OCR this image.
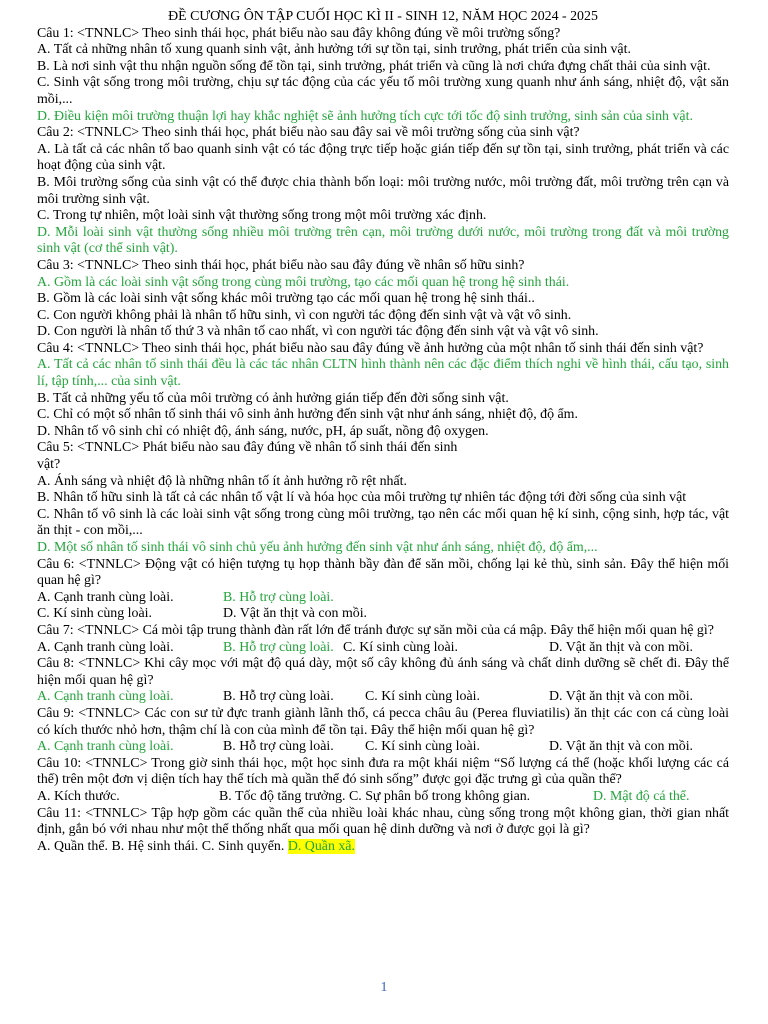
ĐỀ CƯƠNG ÔN TẬP CUỐI HỌC KÌ II - SINH 12, NĂM HỌC 2024 - 2025
Câu 1: <TNNLC> Theo sinh thái học, phát biểu nào sau đây không đúng về môi trường sống?
A. Tất cả những nhân tố xung quanh sinh vật, ảnh hưởng tới sự tồn tại, sinh trưởng, phát triển của sinh vật.
B. Là nơi sinh vật thu nhận nguồn sống để tồn tại, sinh trưởng, phát triển và cũng là nơi chứa đựng chất thải của sinh vật.
C. Sinh vật sống trong môi trường, chịu sự tác động của các yếu tố môi trường xung quanh như ánh sáng, nhiệt độ, vật săn mồi,...
D. Điều kiện môi trường thuận lợi hay khắc nghiệt sẽ ảnh hưởng tích cực tới tốc độ sinh trưởng, sinh sản của sinh vật.
Câu 2: <TNNLC> Theo sinh thái học, phát biểu nào sau đây sai về môi trường sống của sinh vật?
A. Là tất cả các nhân tố bao quanh sinh vật có tác động trực tiếp hoặc gián tiếp đến sự tồn tại, sinh trưởng, phát triển và các hoạt động của sinh vật.
B. Môi trường sống của sinh vật có thể được chia thành bốn loại: môi trường nước, môi trường đất, môi trường trên cạn và môi trường sinh vật.
C. Trong tự nhiên, một loài sinh vật thường sống trong một môi trường xác định.
D. Mỗi loài sinh vật thường sống nhiều môi trường trên cạn, môi trường dưới nước, môi trường trong đất và môi trường sinh vật (cơ thể sinh vật).
Câu 3: <TNNLC> Theo sinh thái học, phát biểu nào sau đây đúng về nhân số hữu sinh?
A. Gồm là các loài sinh vật sống trong cùng môi trường, tạo các mối quan hệ trong hệ sinh thái.
B. Gồm là các loài sinh vật sống khác môi trường tạo các mối quan hệ trong hệ sinh thái..
C. Con người không phải là nhân tố hữu sinh, vì con người tác động đến sinh vật và vật vô sinh.
D. Con người là nhân tố thứ 3 và nhân tố cao nhất, vì con người tác động đến sinh vật và vật vô sinh.
Câu 4: <TNNLC> Theo sinh thái học, phát biểu nào sau đây đúng về ảnh hưởng của một nhân tố sinh thái đến sinh vật?
A. Tất cả các nhân tố sinh thái đều là các tác nhân CLTN hình thành nên các đặc điểm thích nghi về hình thái, cấu tạo, sinh lí, tập tính,... của sinh vật.
B. Tất cả những yếu tố của môi trường có ảnh hưởng gián tiếp đến đời sống sinh vật.
C. Chỉ có một số nhân tố sinh thái vô sinh ảnh hưởng đến sinh vật như ánh sáng, nhiệt độ, độ ẩm.
D. Nhân tố vô sinh chỉ có nhiệt độ, ánh sáng, nước, pH, áp suất, nồng độ oxygen.
Câu 5: <TNNLC> Phát biểu nào sau đây đúng về nhân tố sinh thái đến sinh
vật?
A. Ánh sáng và nhiệt độ là những nhân tố ít ảnh hưởng rõ rệt nhất.
B. Nhân tố hữu sinh là tất cả các nhân tố vật lí và hóa học của môi trường tự nhiên tác động tới đời sống của sinh vật
C. Nhân tố vô sinh là các loài sinh vật sống trong cùng môi trường, tạo nên các mối quan hệ kí sinh, cộng sinh, hợp tác, vật ăn thịt - con mồi,...
D. Một số nhân tố sinh thái vô sinh chủ yếu ảnh hưởng đến sinh vật như ánh sáng, nhiệt độ, độ ẩm,...
Câu 6: <TNNLC> Động vật có hiện tượng tụ họp thành bầy đàn để săn mồi, chống lại kẻ thù, sinh sản. Đây thể hiện mối quan hệ gì?
A. Cạnh tranh cùng loài.	B. Hỗ trợ cùng loài.
C. Kí sinh cùng loài.	D. Vật ăn thịt và con mồi.
Câu 7: <TNNLC> Cá mòi tập trung thành đàn rất lớn để tránh được sự săn mồi của cá mập. Đây thể hiện mối quan hệ gì?
A. Cạnh tranh cùng loài.	B. Hỗ trợ cùng loài. C. Kí sinh cùng loài.	D. Vật ăn thịt và con mồi.
Câu 8: <TNNLC> Khi cây mọc với mật độ quá dày, một số cây không đủ ánh sáng và chất dinh dưỡng sẽ chết đi. Đây thể hiện mối quan hệ gì?
A. Cạnh tranh cùng loài.	B. Hỗ trợ cùng loài. C. Kí sinh cùng loài.	D. Vật ăn thịt và con mồi.
Câu 9: <TNNLC> Các con sư tử đực tranh giành lãnh thổ, cá pecca châu âu (Perea fluviatilis) ăn thịt các con cá cùng loài có kích thước nhỏ hơn, thậm chí là con của mình để tồn tại. Đây thể hiện mối quan hệ gì?
A. Cạnh tranh cùng loài.	B. Hỗ trợ cùng loài. C. Kí sinh cùng loài.	D. Vật ăn thịt và con mồi.
Câu 10: <TNNLC> Trong giờ sinh thái học, một học sinh đưa ra một khái niệm “Số lượng cá thể (hoặc khối lượng các cá thể) trên một đơn vị diện tích hay thể tích mà quần thể đó sinh sống” được gọi đặc trưng gì của quần thể?
A. Kích thước.	B. Tốc độ tăng trưởng. C. Sự phân bố trong không gian.	D. Mật độ cá thể.
Câu 11: <TNNLC> Tập hợp gồm các quần thể của nhiều loài khác nhau, cùng sống trong một không gian, thời gian nhất định, gắn bó với nhau như một thể thống nhất qua mối quan hệ dinh dưỡng và nơi ở được gọi là gì?
A. Quần thể. B. Hệ sinh thái. C. Sinh quyển. D. Quần xã.
1
